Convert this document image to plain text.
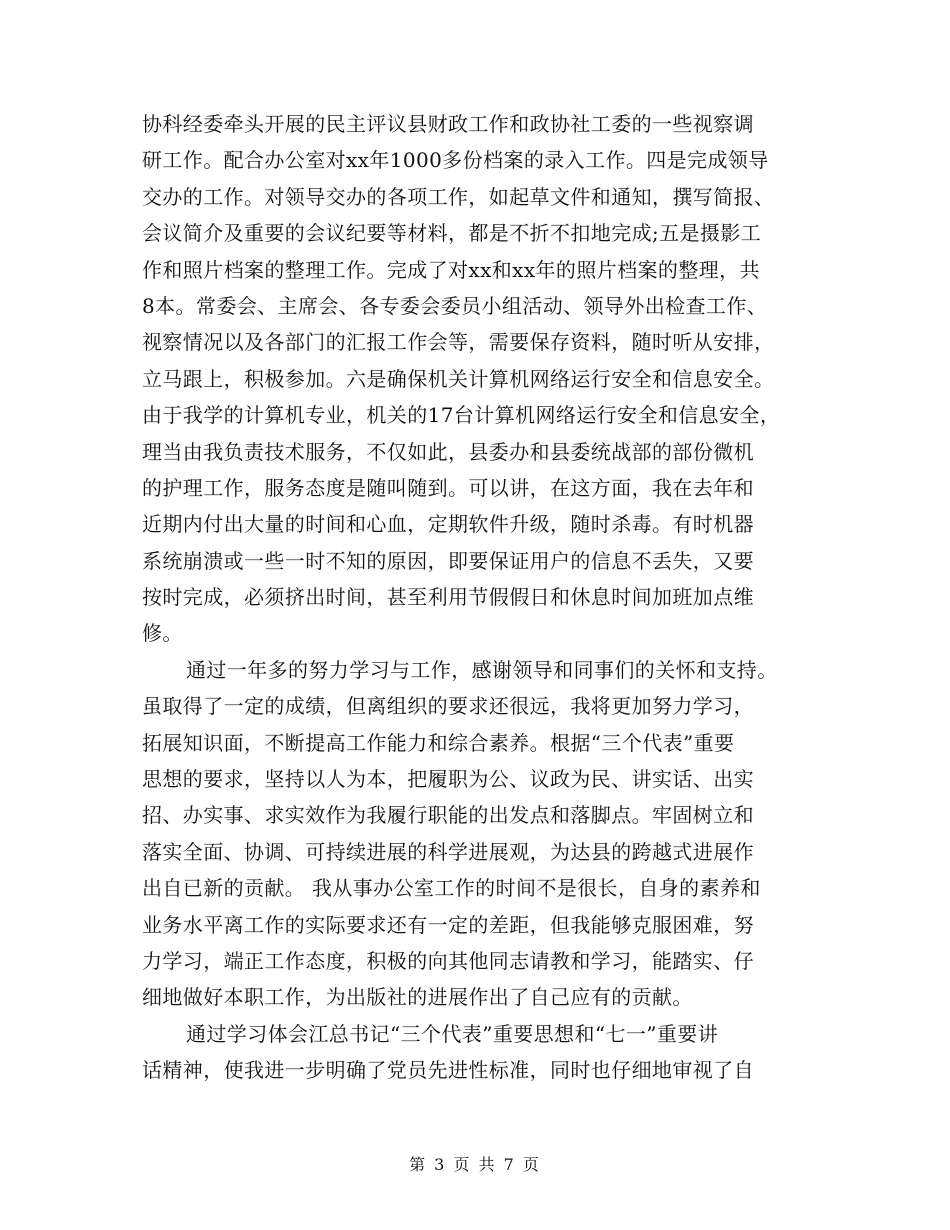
协科经委牵头开展的民主评议县财政工作和政协社工委的一些视察调
研工作。配合办公室对xx年1000多份档案的录入工作。四是完成领导
交办的工作。对领导交办的各项工作，如起草文件和通知，撰写简报、
会议简介及重要的会议纪要等材料，都是不折不扣地完成;五是摄影工
作和照片档案的整理工作。完成了对xx和xx年的照片档案的整理，共
8本。常委会、主席会、各专委会委员小组活动、领导外出检查工作、
视察情况以及各部门的汇报工作会等，需要保存资料，随时听从安排，
立马跟上，积极参加。六是确保机关计算机网络运行安全和信息安全。
由于我学的计算机专业，机关的17台计算机网络运行安全和信息安全，
理当由我负责技术服务，不仅如此，县委办和县委统战部的部份微机
的护理工作，服务态度是随叫随到。可以讲，在这方面，我在去年和
近期内付出大量的时间和心血，定期软件升级，随时杀毒。有时机器
系统崩溃或一些一时不知的原因，即要保证用户的信息不丢失，又要
按时完成，必须挤出时间，甚至利用节假假日和休息时间加班加点维
修。
通过一年多的努力学习与工作，感谢领导和同事们的关怀和支持。
虽取得了一定的成绩，但离组织的要求还很远，我将更加努力学习，
拓展知识面，不断提高工作能力和综合素养。根据“三个代表”重要
思想的要求，坚持以人为本，把履职为公、议政为民、讲实话、出实
招、办实事、求实效作为我履行职能的出发点和落脚点。牢固树立和
落实全面、协调、可持续进展的科学进展观，为达县的跨越式进展作
出自已新的贡献。 我从事办公室工作的时间不是很长，自身的素养和
业务水平离工作的实际要求还有一定的差距，但我能够克服困难，努
力学习，端正工作态度，积极的向其他同志请教和学习，能踏实、仔
细地做好本职工作，为出版社的进展作出了自己应有的贡献。
通过学习体会江总书记“三个代表”重要思想和“七一”重要讲
话精神，使我进一步明确了党员先进性标准，同时也仔细地审视了自
第 3 页 共 7 页
